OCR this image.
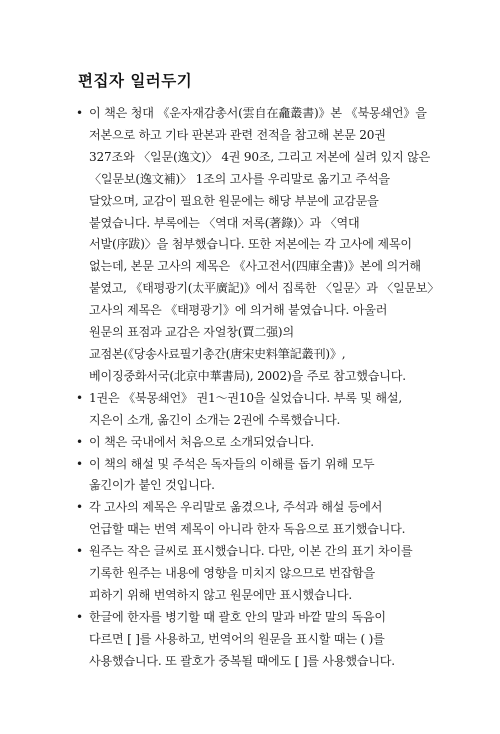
편집자 일러두기
• 이 책은 청대 《운자재감총서(雲自在龕叢書)》본 《북몽쇄언》을
저본으로 하고 기타 판본과 관련 전적을 참고해 본문 20권
327조와 〈일문(逸文)〉 4권 90조, 그리고 저본에 실려 있지 않은
〈일문보(逸文補)〉 1조의 고사를 우리말로 옮기고 주석을
달았으며, 교감이 필요한 원문에는 해당 부분에 교감문을
붙였습니다. 부록에는 〈역대 저록(著錄)〉과 〈역대
서발(序跋)〉을 첨부했습니다. 또한 저본에는 각 고사에 제목이
없는데, 본문 고사의 제목은 《사고전서(四庫全書)》본에 의거해
붙였고, 《태평광기(太平廣記)》에서 집록한 〈일문〉과 〈일문보〉
고사의 제목은 《태평광기》에 의거해 붙였습니다. 아울러
원문의 표점과 교감은 자얼창(賈二强)의
교점본(《당송사료필기총간(唐宋史料筆記叢刊)》,
베이징중화서국(北京中華書局), 2002)을 주로 참고했습니다.
• 1권은 《북몽쇄언》 권1～권10을 실었습니다. 부록 및 해설,
지은이 소개, 옮긴이 소개는 2권에 수록했습니다.
• 이 책은 국내에서 처음으로 소개되었습니다.
• 이 책의 해설 및 주석은 독자들의 이해를 돕기 위해 모두
옮긴이가 붙인 것입니다.
• 각 고사의 제목은 우리말로 옮겼으나, 주석과 해설 등에서
언급할 때는 번역 제목이 아니라 한자 독음으로 표기했습니다.
• 원주는 작은 글씨로 표시했습니다. 다만, 이본 간의 표기 차이를
기록한 원주는 내용에 영향을 미치지 않으므로 번잡함을
피하기 위해 번역하지 않고 원문에만 표시했습니다.
• 한글에 한자를 병기할 때 괄호 안의 말과 바깥 말의 독음이
다르면 [ ]를 사용하고, 번역어의 원문을 표시할 때는 ( )를
사용했습니다. 또 괄호가 중복될 때에도 [ ]를 사용했습니다.
